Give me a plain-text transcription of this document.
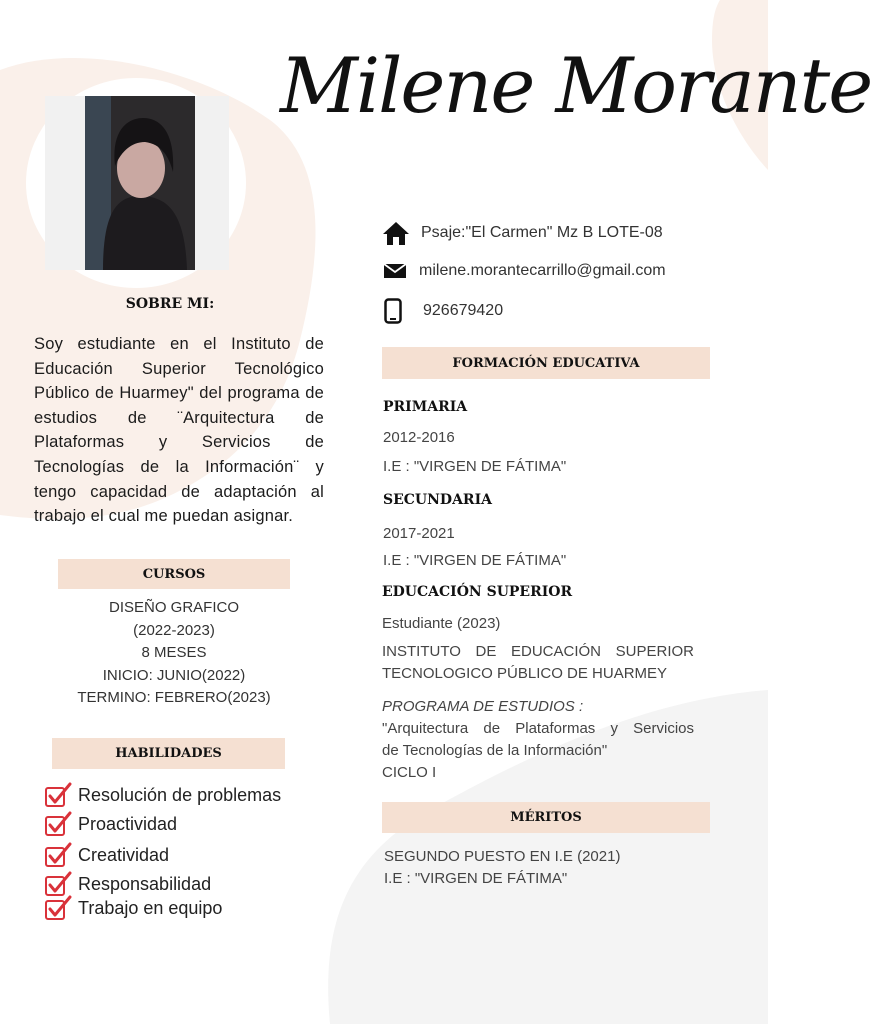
Milene Morante
SOBRE MI:
Soy estudiante en el Instituto de Educación Superior Tecnológico Público de Huarmey" del programa de estudios de ¨Arquitectura de Plataformas y Servicios de Tecnologías de la Información¨ y tengo capacidad de adaptación al trabajo el cual me puedan asignar.
CURSOS
DISEÑO GRAFICO
(2022-2023)
8 MESES
INICIO: JUNIO(2022)
TERMINO: FEBRERO(2023)
HABILIDADES
Resolución de problemas
Proactividad
Creatividad
Responsabilidad
Trabajo en equipo
Psaje:"El Carmen" Mz B LOTE-08
milene.morantecarrillo@gmail.com
926679420
FORMACIÓN EDUCATIVA
PRIMARIA
2012-2016
I.E : "VIRGEN DE FÁTIMA"
SECUNDARIA
2017-2021
I.E : "VIRGEN DE FÁTIMA"
EDUCACIÓN SUPERIOR
Estudiante (2023)
INSTITUTO DE EDUCACIÓN SUPERIOR
TECNOLOGICO PÚBLICO DE HUARMEY
PROGRAMA DE ESTUDIOS :
"Arquitectura de Plataformas y Servicios
de Tecnologías de la Información"
CICLO I
MÉRITOS
SEGUNDO PUESTO EN I.E (2021)
I.E : "VIRGEN DE FÁTIMA"
